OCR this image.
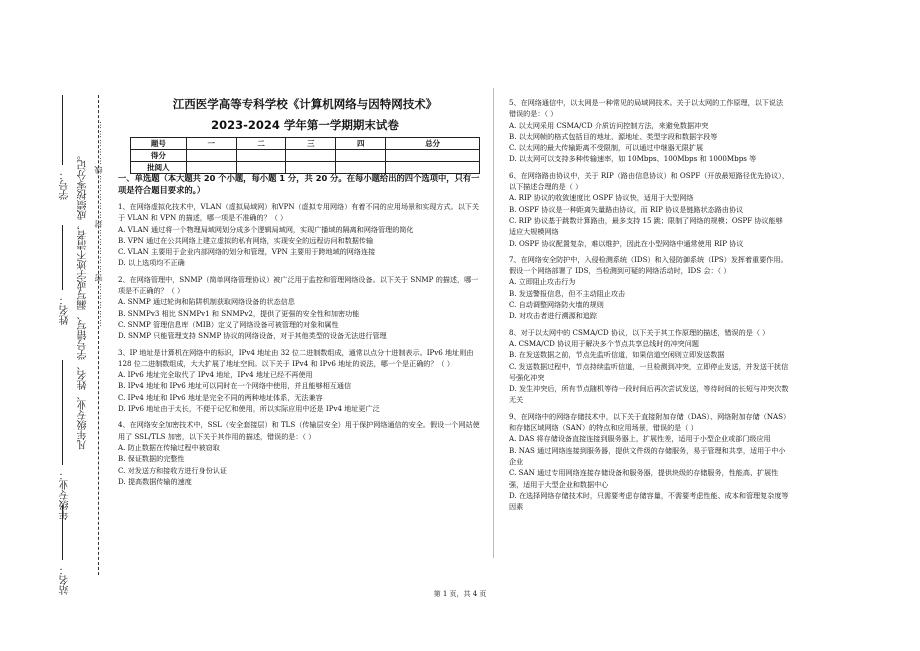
……………密……………封……………线……………
凡年级专业、姓名、学号错写、漏写或字迹不清者，成绩按零分记。
学号：
姓名：
年级专业：
站名：
江西医学高等专科学校《计算机网络与因特网技术》
2023-2024 学年第一学期期末试卷
题号	一	二	三	四	总分
得分					
批阅人					

一、单选题（本大题共 20 个小题，每小题 1 分，共 20 分。在每小题给出的四个选项中，只有一项是符合题目要求的。）

1、在网络虚拟化技术中，VLAN（虚拟局域网）和VPN（虚拟专用网络）有着不同的应用场景和实现方式。以下关于 VLAN 和 VPN 的描述，哪一项是不准确的？（ ）

A. VLAN 通过将一个物理局域网划分成多个逻辑局域网，实现广播域的隔离和网络管理的简化

B. VPN 通过在公共网络上建立虚拟的私有网络，实现安全的远程访问和数据传输

C. VLAN 主要用于企业内部网络的划分和管理，VPN 主要用于跨地域的网络连接

D. 以上选项均不正确

2、在网络管理中，SNMP（简单网络管理协议）被广泛用于监控和管理网络设备。以下关于 SNMP 的描述，哪一项是不正确的？（ ）

A. SNMP 通过轮询和陷阱机制获取网络设备的状态信息

B. SNMPv3 相比 SNMPv1 和 SNMPv2，提供了更强的安全性和加密功能

C. SNMP 管理信息库（MIB）定义了网络设备可被管理的对象和属性

D. SNMP 只能管理支持 SNMP 协议的网络设备，对于其他类型的设备无法进行管理

3、IP 地址是计算机在网络中的标识，IPv4 地址由 32 位二进制数组成，通常以点分十进制表示。IPv6 地址则由 128 位二进制数组成，大大扩展了地址空间。以下关于 IPv4 和 IPv6 地址的说法，哪一个是正确的？（ ）

A. IPv6 地址完全取代了 IPv4 地址，IPv4 地址已经不再使用

B. IPv4 地址和 IPv6 地址可以同时在一个网络中使用，并且能够相互通信

C. IPv4 地址和 IPv6 地址是完全不同的两种地址体系，无法兼容

D. IPv6 地址由于太长，不便于记忆和使用，所以实际应用中还是 IPv4 地址更广泛

4、在网络安全加密技术中，SSL（安全套接层）和 TLS（传输层安全）用于保护网络通信的安全。假设一个网站使用了 SSL/TLS 加密，以下关于其作用的描述，错误的是：（ ）

A. 防止数据在传输过程中被窃取

B. 保证数据的完整性

C. 对发送方和接收方进行身份认证

D. 提高数据传输的速度

5、在网络通信中，以太网是一种常见的局域网技术。关于以太网的工作原理，以下说法错误的是：（ ）

A. 以太网采用 CSMA/CD 介质访问控制方法，来避免数据冲突

B. 以太网帧的格式包括目的地址、源地址、类型字段和数据字段等

C. 以太网的最大传输距离不受限制，可以通过中继器无限扩展

D. 以太网可以支持多种传输速率，如 10Mbps、100Mbps 和 1000Mbps 等

6、在网络路由协议中，关于 RIP（路由信息协议）和 OSPF（开放最短路径优先协议），以下描述合理的是（ ）

A. RIP 协议的收敛速度比 OSPF 协议快，适用于大型网络

B. OSPF 协议是一种距离矢量路由协议，而 RIP 协议是链路状态路由协议

C. RIP 协议基于跳数计算路由，最多支持 15 跳；限制了网络的规模；OSPF 协议能够适应大规模网络

D. OSPF 协议配置复杂，难以维护，因此在小型网络中通常使用 RIP 协议

7、在网络安全防护中，入侵检测系统（IDS）和入侵防御系统（IPS）发挥着重要作用。假设一个网络部署了 IDS，当检测到可疑的网络活动时，IDS 会：（ ）

A. 立即阻止攻击行为

B. 发送警报信息，但不主动阻止攻击

C. 自动调整网络防火墙的规则

D. 对攻击者进行溯源和追踪

8、对于以太网中的 CSMA/CD 协议，以下关于其工作原理的描述，错误的是（ ）

A. CSMA/CD 协议用于解决多个节点共享总线时的冲突问题

B. 在发送数据之前，节点先监听信道，如果信道空闲则立即发送数据

C. 发送数据过程中，节点持续监听信道，一旦检测到冲突，立即停止发送，并发送干扰信号强化冲突

D. 发生冲突后，所有节点随机等待一段时间后再次尝试发送，等待时间的长短与冲突次数无关

9、在网络中的网络存储技术中，以下关于直接附加存储（DAS）、网络附加存储（NAS）和存储区域网络（SAN）的特点和应用场景，错误的是（ ）

A. DAS 将存储设备直接连接到服务器上，扩展性差，适用于小型企业或部门级应用

B. NAS 通过网络连接到服务器，提供文件级的存储服务，易于管理和共享，适用于中小企业

C. SAN 通过专用网络连接存储设备和服务器，提供块级的存储服务，性能高、扩展性强，适用于大型企业和数据中心

D. 在选择网络存储技术时，只需要考虑存储容量，不需要考虑性能、成本和管理复杂度等因素

第 1 页，共 4 页
